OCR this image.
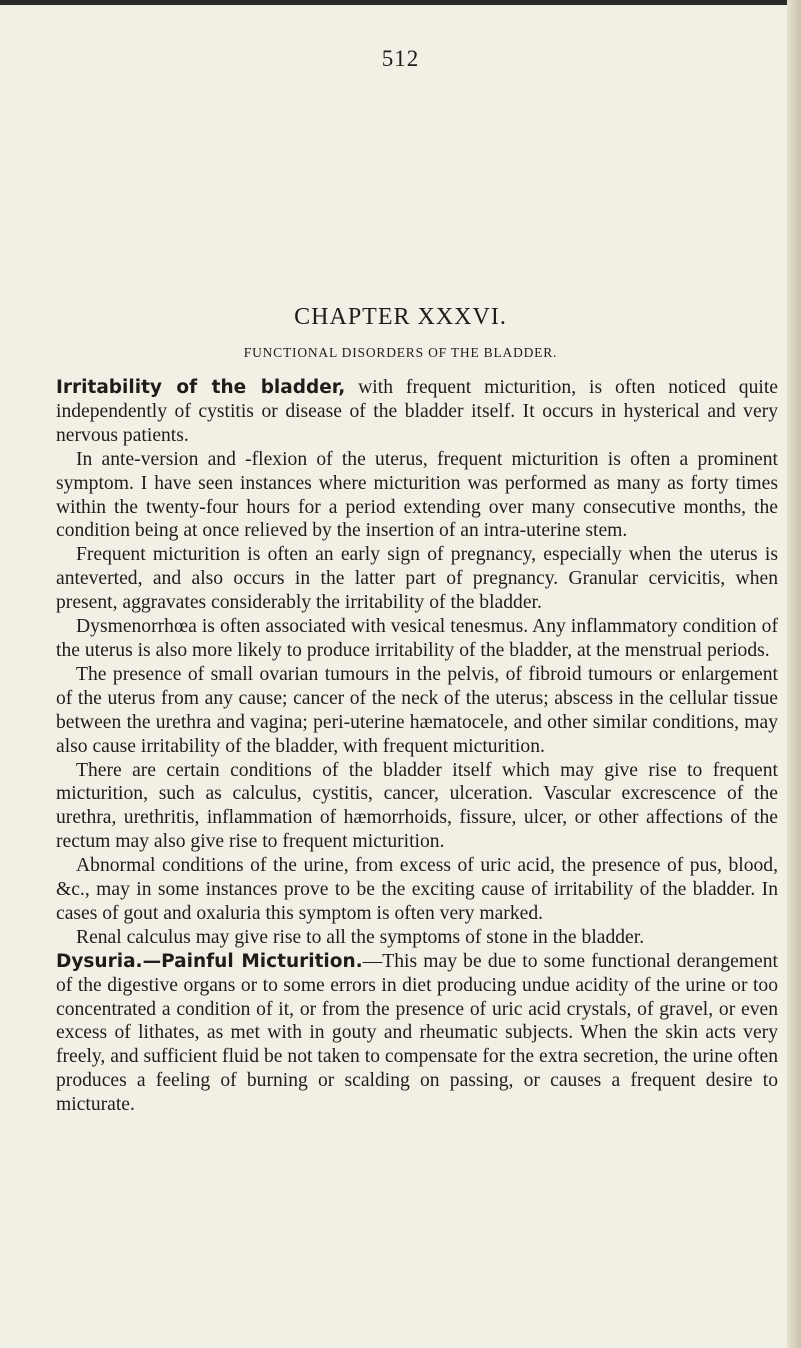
512
CHAPTER XXXVI.
FUNCTIONAL DISORDERS OF THE BLADDER.

Irritability of the bladder, with frequent micturition, is often noticed quite independently of cystitis or disease of the bladder itself. It occurs in hysterical and very nervous patients.

In ante-version and -flexion of the uterus, frequent micturition is often a prominent symptom. I have seen instances where micturition was performed as many as forty times within the twenty-four hours for a period extending over many consecutive months, the condition being at once relieved by the insertion of an intra-uterine stem.

Frequent micturition is often an early sign of pregnancy, especially when the uterus is anteverted, and also occurs in the latter part of pregnancy. Granular cervicitis, when present, aggravates considerably the irritability of the bladder.

Dysmenorrhœa is often associated with vesical tenesmus. Any inflammatory condition of the uterus is also more likely to produce irritability of the bladder, at the menstrual periods.

The presence of small ovarian tumours in the pelvis, of fibroid tumours or enlargement of the uterus from any cause; cancer of the neck of the uterus; abscess in the cellular tissue between the urethra and vagina; peri-uterine hæmatocele, and other similar conditions, may also cause irritability of the bladder, with frequent micturition.

There are certain conditions of the bladder itself which may give rise to frequent micturition, such as calculus, cystitis, cancer, ulceration. Vascular excrescence of the urethra, urethritis, inflammation of hæmorrhoids, fissure, ulcer, or other affections of the rectum may also give rise to frequent micturition.

Abnormal conditions of the urine, from excess of uric acid, the presence of pus, blood, &c., may in some instances prove to be the exciting cause of irritability of the bladder. In cases of gout and oxaluria this symptom is often very marked.

Renal calculus may give rise to all the symptoms of stone in the bladder.

Dysuria.—Painful Micturition.—This may be due to some functional derangement of the digestive organs or to some errors in diet producing undue acidity of the urine or too concentrated a condition of it, or from the presence of uric acid crystals, of gravel, or even excess of lithates, as met with in gouty and rheumatic subjects. When the skin acts very freely, and sufficient fluid be not taken to compensate for the extra secretion, the urine often produces a feeling of burning or scalding on passing, or causes a frequent desire to micturate.
